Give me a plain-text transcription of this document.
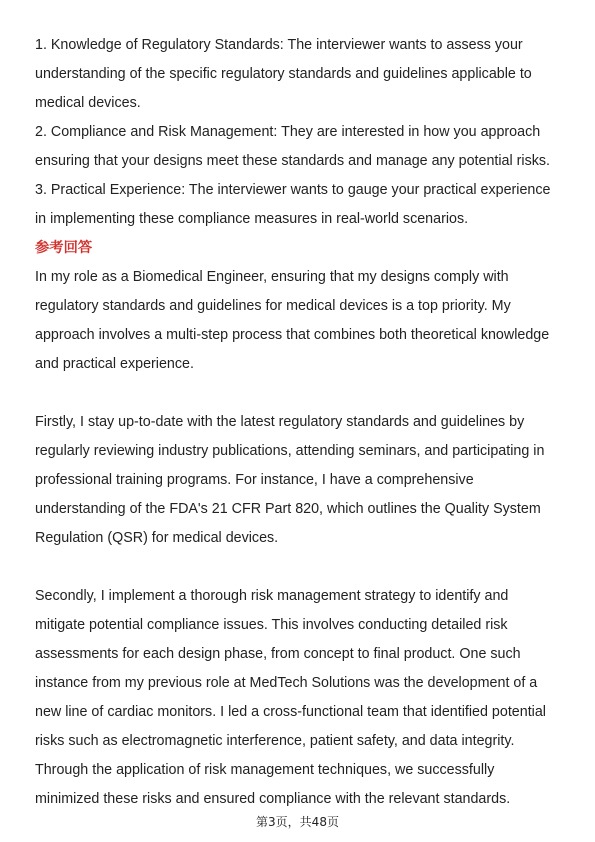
1. Knowledge of Regulatory Standards: The interviewer wants to assess your

understanding of the specific regulatory standards and guidelines applicable to

medical devices.

2. Compliance and Risk Management: They are interested in how you approach

ensuring that your designs meet these standards and manage any potential risks.

3. Practical Experience: The interviewer wants to gauge your practical experience

in implementing these compliance measures in real-world scenarios.

参考回答

In my role as a Biomedical Engineer, ensuring that my designs comply with

regulatory standards and guidelines for medical devices is a top priority. My

approach involves a multi-step process that combines both theoretical knowledge

and practical experience.

Firstly, I stay up-to-date with the latest regulatory standards and guidelines by

regularly reviewing industry publications, attending seminars, and participating in

professional training programs. For instance, I have a comprehensive

understanding of the FDA's 21 CFR Part 820, which outlines the Quality System

Regulation (QSR) for medical devices.

Secondly, I implement a thorough risk management strategy to identify and

mitigate potential compliance issues. This involves conducting detailed risk

assessments for each design phase, from concept to final product. One such

instance from my previous role at MedTech Solutions was the development of a

new line of cardiac monitors. I led a cross-functional team that identified potential

risks such as electromagnetic interference, patient safety, and data integrity.

Through the application of risk management techniques, we successfully

minimized these risks and ensured compliance with the relevant standards.

第3页，共48页
